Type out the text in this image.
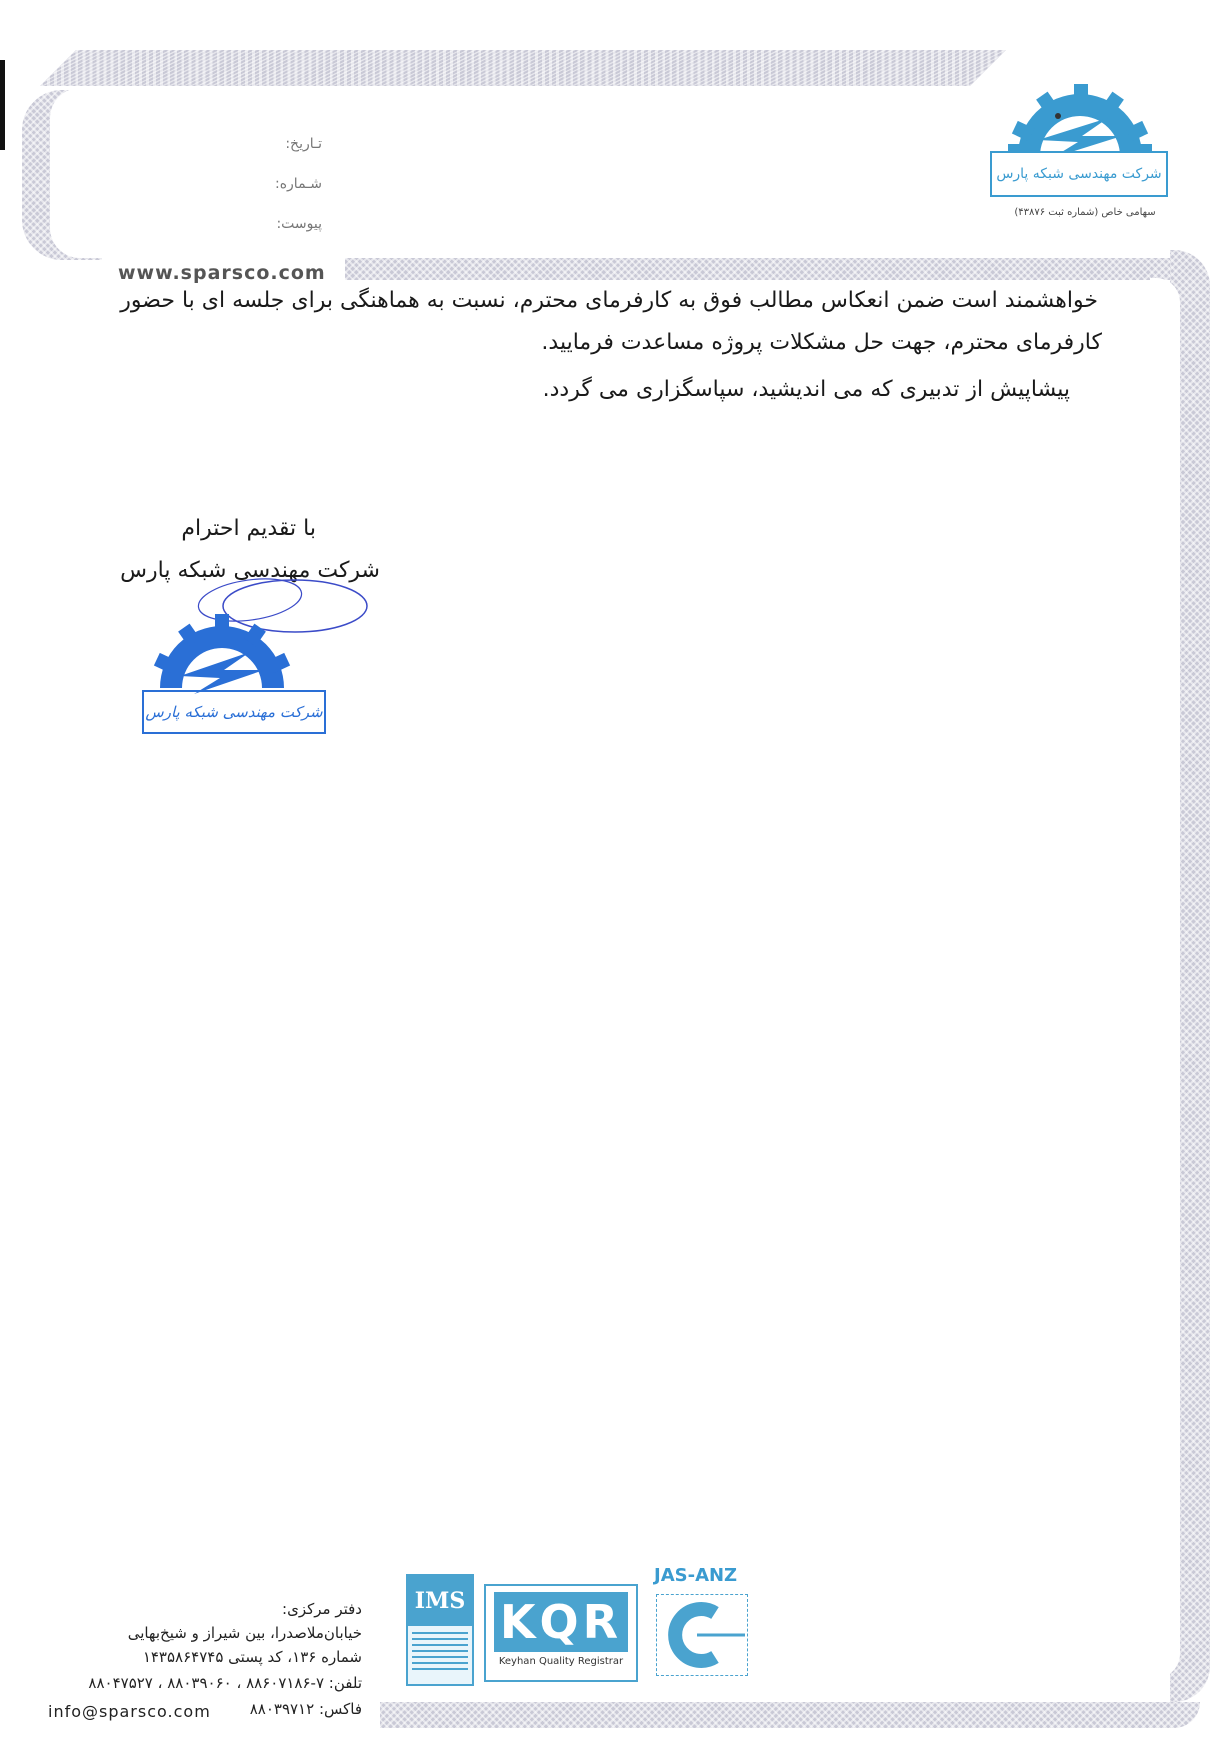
شرکت مهندسی شبکه پارس
سهامی خاص (شماره ثبت ۴۳۸۷۶)
تـاریخ:
شـماره:
پیوست:
www.sparsco.com
خواهشمند است ضمن انعکاس مطالب فوق به کارفرمای محترم، نسبت به هماهنگی برای جلسه ای با حضور
کارفرمای محترم، جهت حل مشکلات پروژه مساعدت فرمایید.
پیشاپیش از تدبیری که می اندیشید، سپاسگزاری می گردد.
با تقدیم احترام
شرکت مهندسی شبکه پارس
شرکت مهندسی شبکه پارس
دفتر مرکزی:
خیابان‌ملاصدرا، بین شیراز و شیخ‌بهایی
شماره ۱۳۶، کد پستی ۱۴۳۵۸۶۴۷۴۵
تلفن: ۷-۸۸۶۰۷۱۸۶ ، ۸۸۰۳۹۰۶۰ ، ۸۸۰۴۷۵۲۷
فاکس: ۸۸۰۳۹۷۱۲
info@sparsco.com
IMS KQR
Keyhan Quality Registrar
JAS-ANZ
